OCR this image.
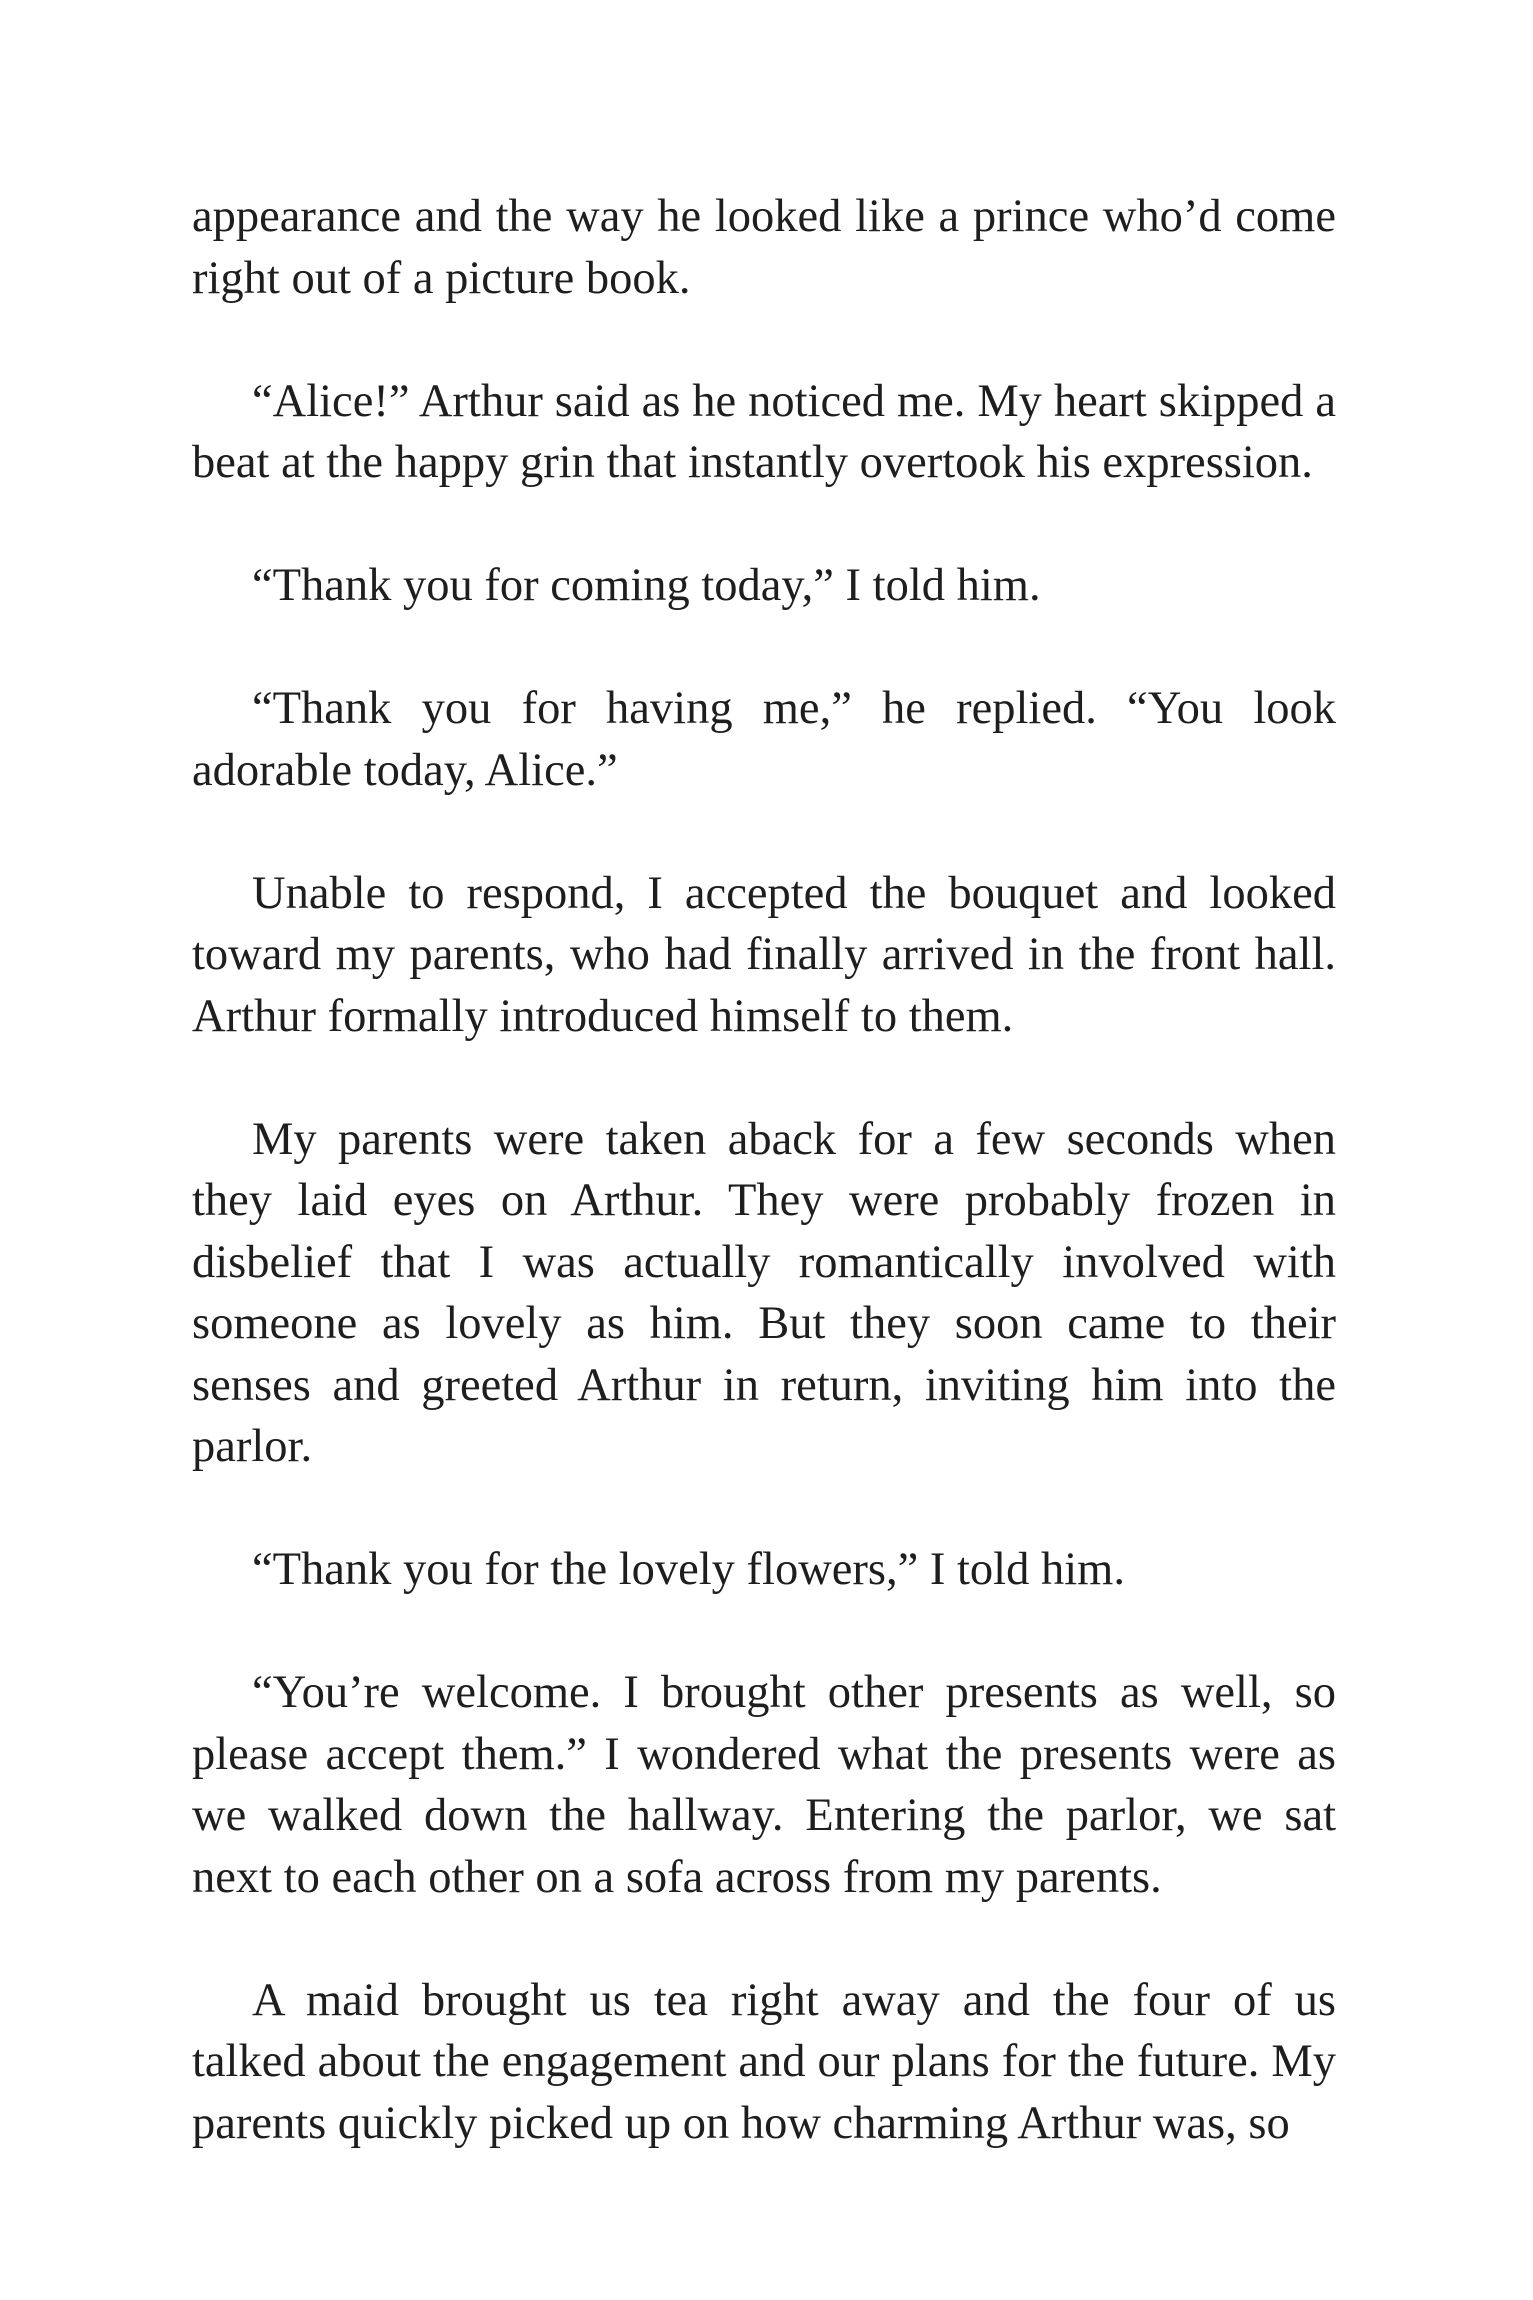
appearance and the way he looked like a prince who’d come right out of a picture book.

“Alice!” Arthur said as he noticed me. My heart skipped a beat at the happy grin that instantly overtook his expression.

“Thank you for coming today,” I told him.

“Thank you for having me,” he replied. “You look adorable today, Alice.”

Unable to respond, I accepted the bouquet and looked toward my parents, who had finally arrived in the front hall. Arthur formally introduced himself to them.

My parents were taken aback for a few seconds when they laid eyes on Arthur. They were probably frozen in disbelief that I was actually romantically involved with someone as lovely as him. But they soon came to their senses and greeted Arthur in return, inviting him into the parlor.

“Thank you for the lovely flowers,” I told him.

“You’re welcome. I brought other presents as well, so please accept them.” I wondered what the presents were as we walked down the hallway. Entering the parlor, we sat next to each other on a sofa across from my parents.

A maid brought us tea right away and the four of us talked about the engagement and our plans for the future. My parents quickly picked up on how charming Arthur was, so
